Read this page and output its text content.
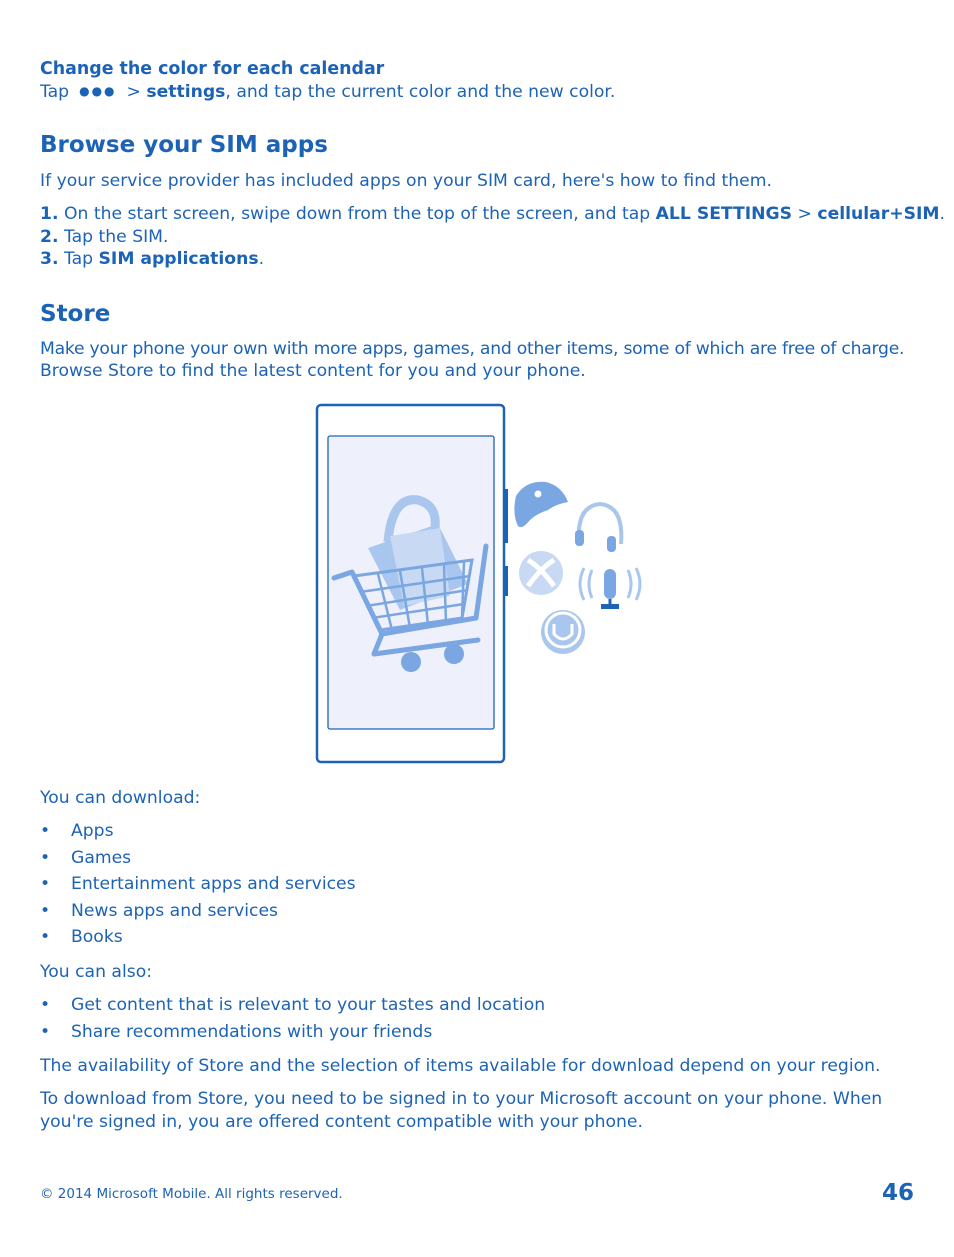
Change the color for each calendar
Tap ●●● > settings, and tap the current color and the new color.
Browse your SIM apps
If your service provider has included apps on your SIM card, here's how to find them.
1. On the start screen, swipe down from the top of the screen, and tap ALL SETTINGS > cellular+SIM.
2. Tap the SIM.
3. Tap SIM applications.
Store
Make your phone your own with more apps, games, and other items, some of which are free of charge.
Browse Store to find the latest content for you and your phone.
You can download:
• Apps
• Games
• Entertainment apps and services
• News apps and services
• Books
You can also:
• Get content that is relevant to your tastes and location
• Share recommendations with your friends
The availability of Store and the selection of items available for download depend on your region.
To download from Store, you need to be signed in to your Microsoft account on your phone. When
you're signed in, you are offered content compatible with your phone.
© 2014 Microsoft Mobile. All rights reserved.	46
